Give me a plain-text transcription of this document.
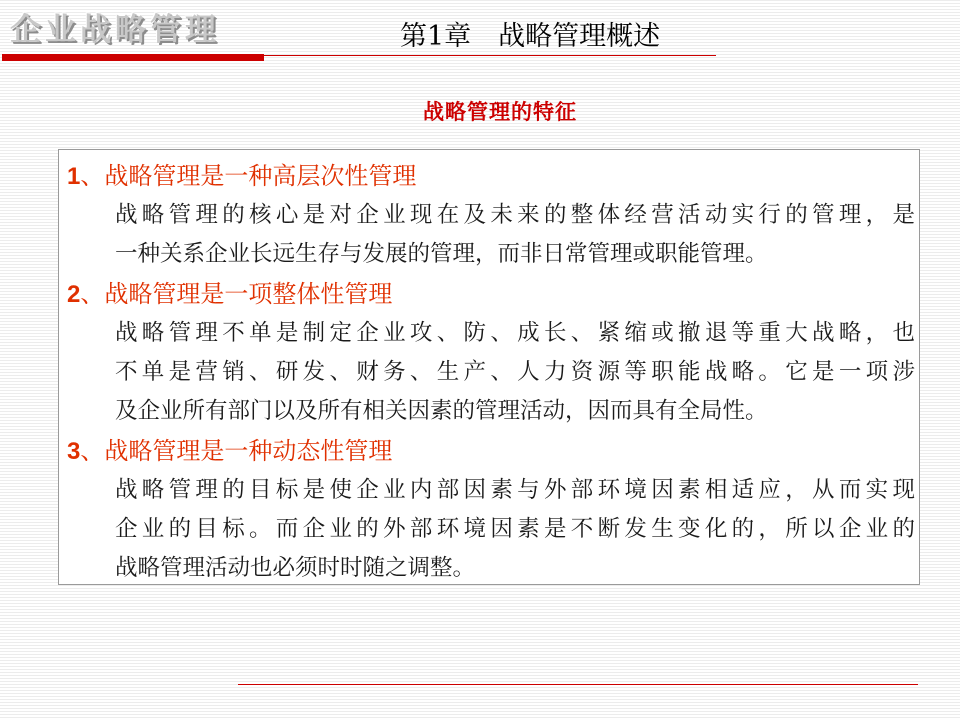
企业战略管理	第1章　战略管理概述
战略管理的特征
1、战略管理是一种高层次性管理
战略管理的核心是对企业现在及未来的整体经营活动实行的管理，是
一种关系企业长远生存与发展的管理，而非日常管理或职能管理。
2、战略管理是一项整体性管理
战略管理不单是制定企业攻、防、成长、紧缩或撤退等重大战略，也
不单是营销、研发、财务、生产、人力资源等职能战略。它是一项涉
及企业所有部门以及所有相关因素的管理活动，因而具有全局性。
3、战略管理是一种动态性管理
战略管理的目标是使企业内部因素与外部环境因素相适应，从而实现
企业的目标。而企业的外部环境因素是不断发生变化的，所以企业的
战略管理活动也必须时时随之调整。
